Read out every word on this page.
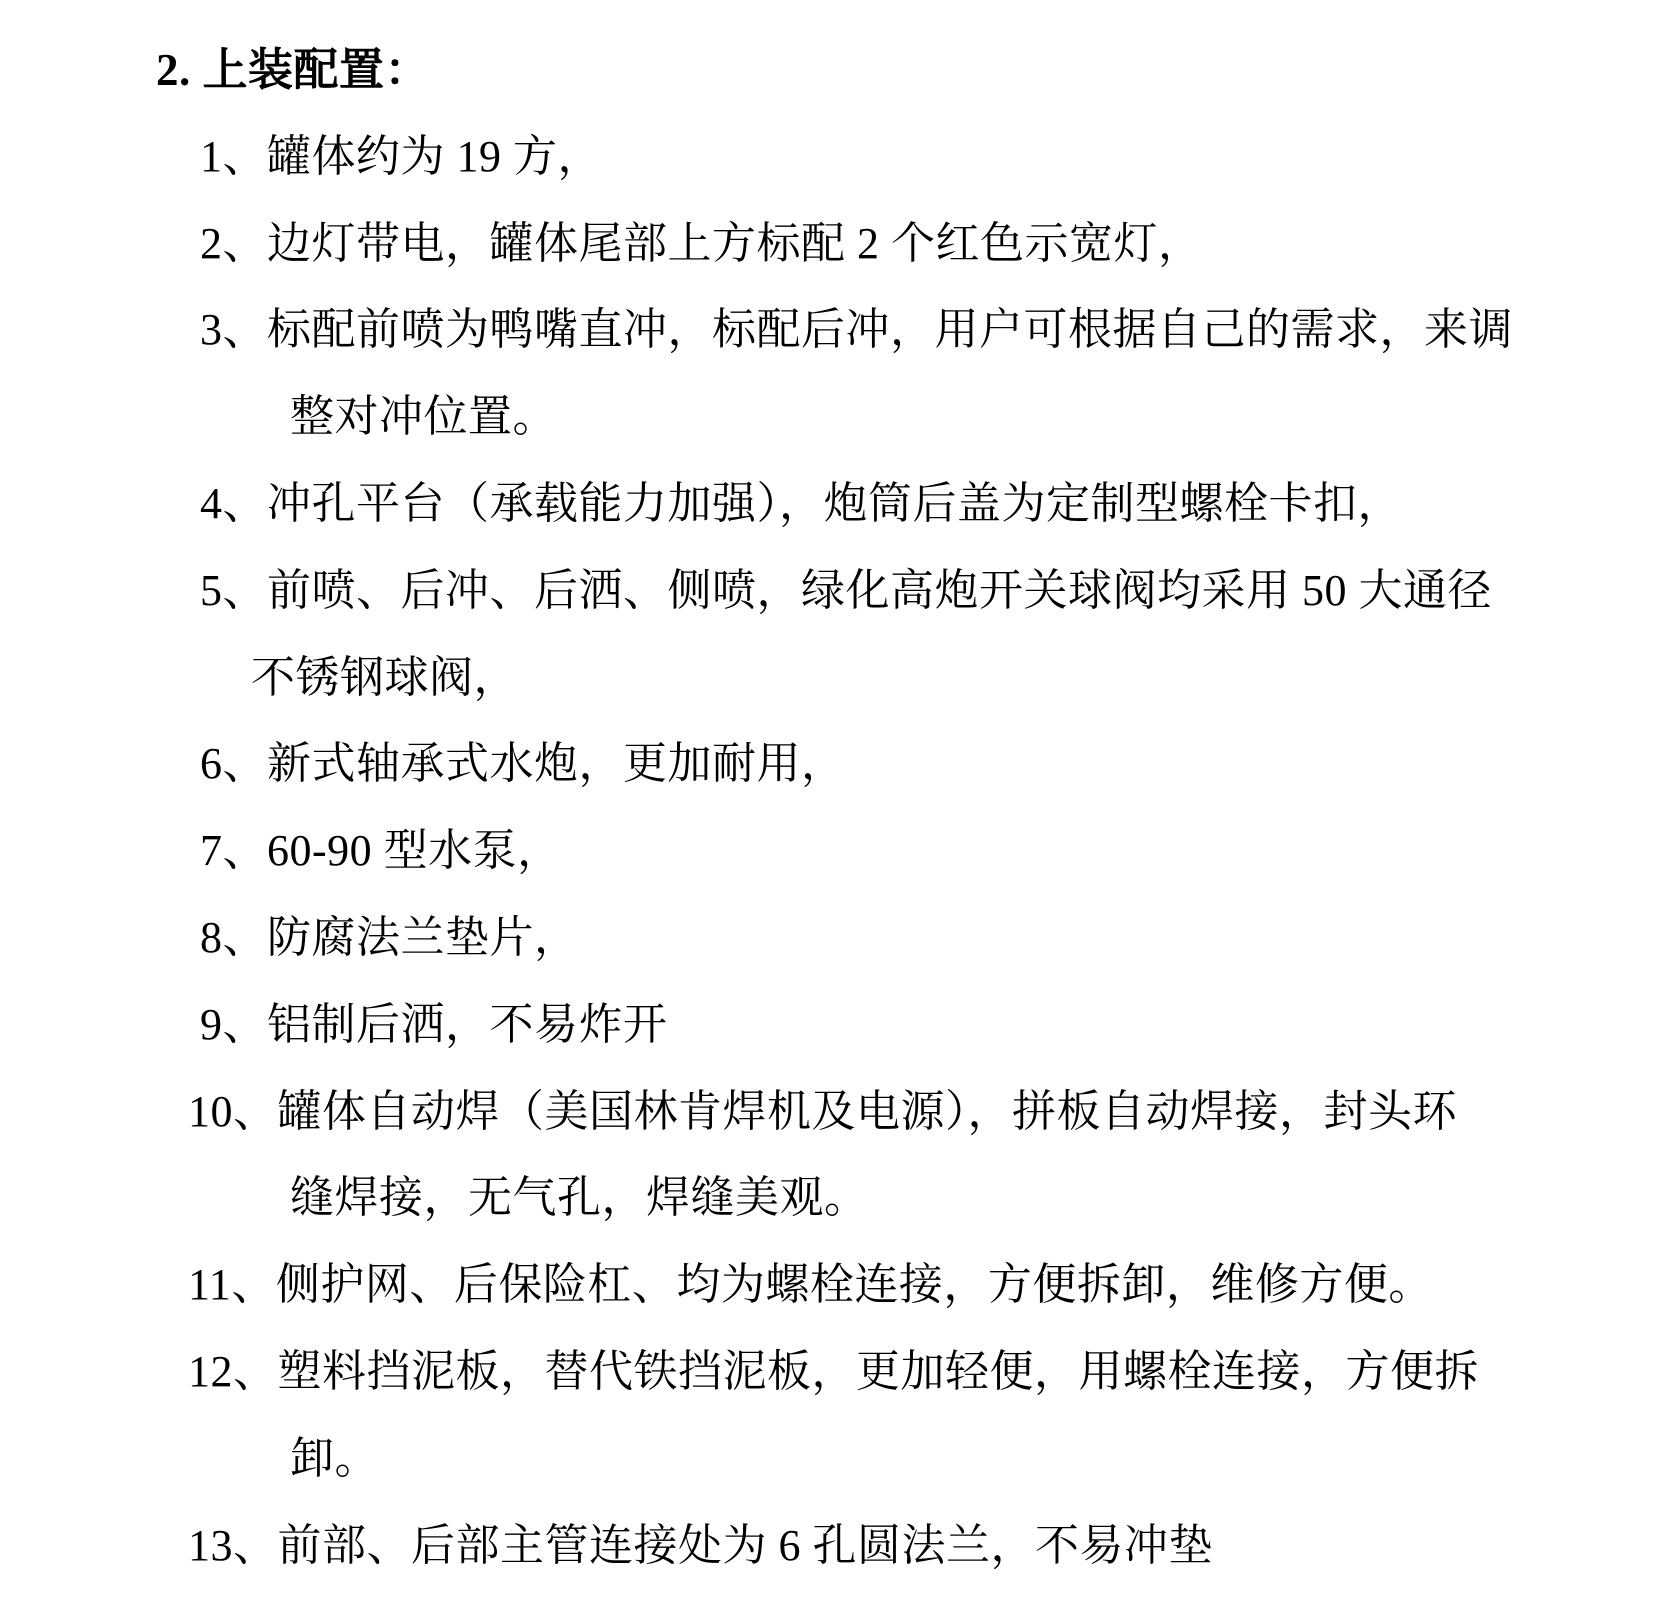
2. 上装配置：
1、罐体约为 19 方，
2、边灯带电，罐体尾部上方标配 2 个红色示宽灯，
3、标配前喷为鸭嘴直冲，标配后冲，用户可根据自己的需求，来调
整对冲位置。
4、冲孔平台（承载能力加强），炮筒后盖为定制型螺栓卡扣，
5、前喷、后冲、后洒、侧喷，绿化高炮开关球阀均采用 50 大通径
不锈钢球阀，
6、新式轴承式水炮，更加耐用，
7、60-90 型水泵，
8、防腐法兰垫片，
9、铝制后洒，不易炸开
10、罐体自动焊（美国林肯焊机及电源），拼板自动焊接，封头环
缝焊接，无气孔，焊缝美观。
11、侧护网、后保险杠、均为螺栓连接，方便拆卸，维修方便。
12、塑料挡泥板，替代铁挡泥板，更加轻便，用螺栓连接，方便拆
卸。
13、前部、后部主管连接处为 6 孔圆法兰，不易冲垫
